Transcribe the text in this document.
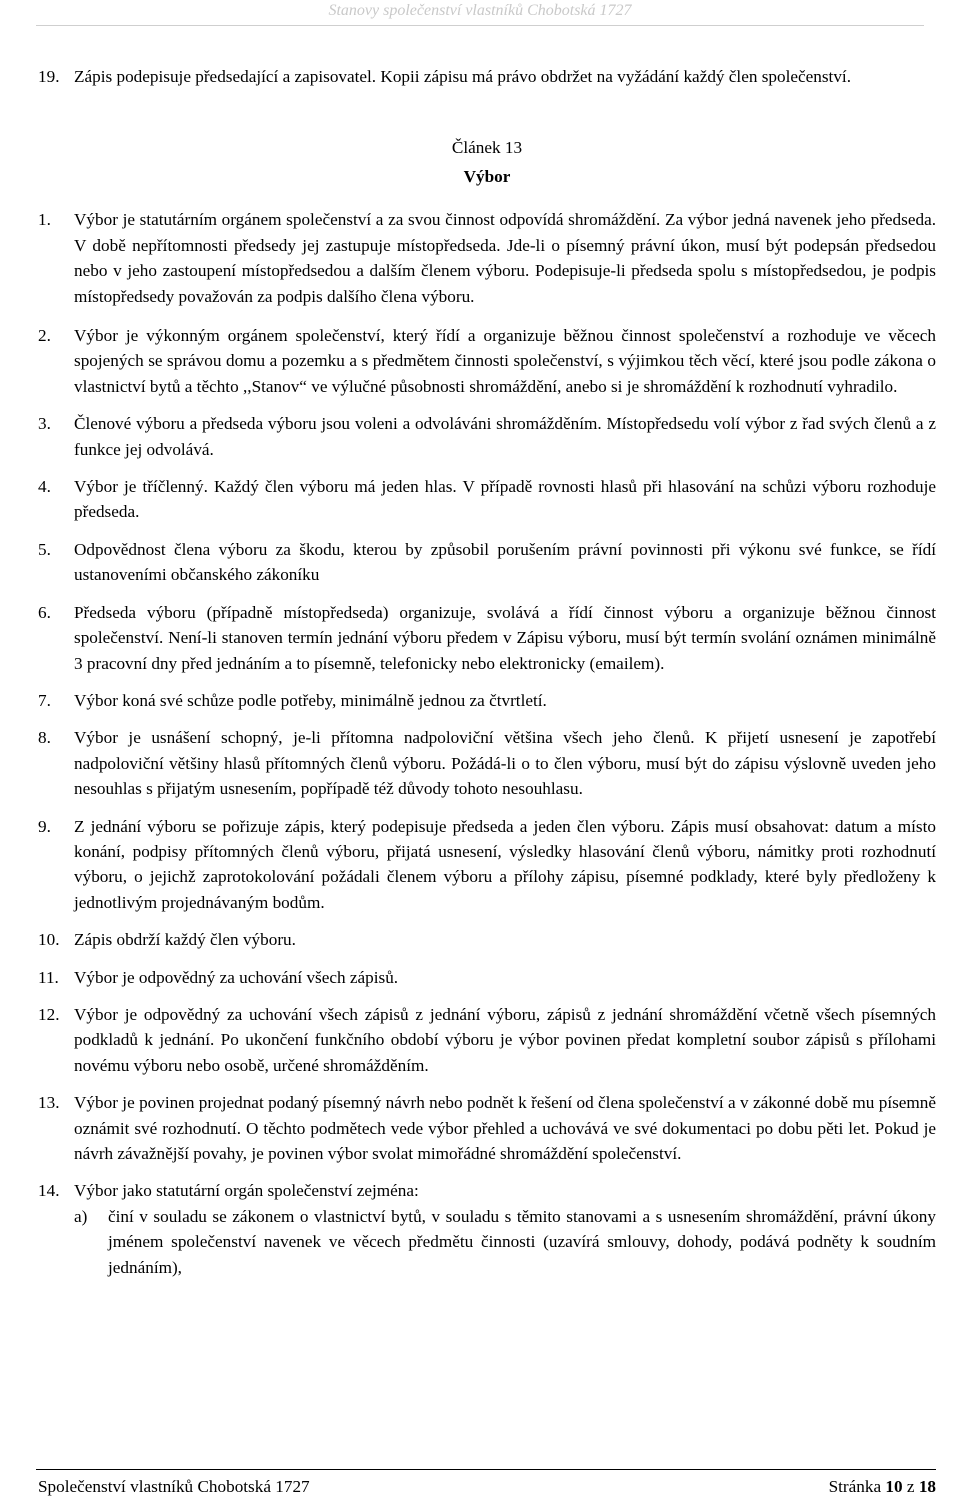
Stanovy společenství vlastníků Chobotská 1727
19. Zápis podepisuje předsedající a zapisovatel. Kopii zápisu má právo obdržet na vyžádání každý člen společenství.
Článek 13
Výbor
1.	Výbor je statutárním orgánem společenství a za svou činnost odpovídá shromáždění. Za výbor jedná navenek jeho předseda. V době nepřítomnosti předsedy jej zastupuje místopředseda. Jde-li o písemný právní úkon, musí být podepsán předsedou nebo v jeho zastoupení místopředsedou a dalším členem výboru. Podepisuje-li předseda spolu s místopředsedou, je podpis místopředsedy považován za podpis dalšího člena výboru.
2.	Výbor je výkonným orgánem společenství, který řídí a organizuje běžnou činnost společenství a rozhoduje ve věcech spojených se správou domu a pozemku a s předmětem činnosti společenství, s výjimkou těch věcí, které jsou podle zákona o vlastnictví bytů a těchto ,,Stanov“ ve výlučné působnosti shromáždění, anebo si je shromáždění k rozhodnutí vyhradilo.
3.	Členové výboru a předseda výboru jsou voleni a odvoláváni shromážděním. Místopředsedu volí výbor z řad svých členů a z funkce jej odvolává.
4.	Výbor je tříčlenný. Každý člen výboru má jeden hlas. V případě rovnosti hlasů při hlasování na schůzi výboru rozhoduje předseda.
5.	Odpovědnost člena výboru za škodu, kterou by způsobil porušením právní povinnosti při výkonu své funkce, se řídí ustanoveními občanského zákoníku
6.	Předseda výboru (případně místopředseda) organizuje, svolává a řídí činnost výboru a organizuje běžnou činnost společenství. Není-li stanoven termín jednání výboru předem v Zápisu výboru, musí být termín svolání oznámen minimálně 3 pracovní dny před jednáním a to písemně, telefonicky nebo elektronicky (emailem).
7.	Výbor koná své schůze podle potřeby, minimálně jednou za čtvrtletí.
8.	Výbor je usnášení schopný, je-li přítomna nadpoloviční většina všech jeho členů. K přijetí usnesení je zapotřebí nadpoloviční většiny hlasů přítomných členů výboru. Požádá-li o to člen výboru, musí být do zápisu výslovně uveden jeho nesouhlas s přijatým usnesením, popřípadě též důvody tohoto nesouhlasu.
9.	Z jednání výboru se pořizuje zápis, který podepisuje předseda a jeden člen výboru. Zápis musí obsahovat: datum a místo konání, podpisy přítomných členů výboru, přijatá usnesení, výsledky hlasování členů výboru, námitky proti rozhodnutí výboru, o jejichž zaprotokolování požádali členem výboru a přílohy zápisu, písemné podklady, které byly předloženy k jednotlivým projednávaným bodům.
10. Zápis obdrží každý člen výboru.
11. Výbor je odpovědný za uchování všech zápisů.
12. Výbor je odpovědný za uchování všech zápisů z jednání výboru, zápisů z jednání shromáždění včetně všech písemných podkladů k jednání. Po ukončení funkčního období výboru je výbor povinen předat kompletní soubor zápisů s přílohami novému výboru nebo osobě, určené shromážděním.
13. Výbor je povinen projednat podaný písemný návrh nebo podnět k řešení od člena společenství a v zákonné době mu písemně oznámit své rozhodnutí. O těchto podmětech vede výbor přehled a uchovává ve své dokumentaci po dobu pěti let. Pokud je návrh závažnější povahy, je povinen výbor svolat mimořádné shromáždění společenství.
14. Výbor jako statutární orgán společenství zejména:
a)	činí v souladu se zákonem o vlastnictví bytů, v souladu s těmito stanovami a s usnesením shromáždění, právní úkony jménem společenství navenek ve věcech předmětu činnosti (uzavírá smlouvy, dohody, podává podněty k soudním jednáním),
Společenství vlastníků Chobotská 1727	Stránka 10 z 18
